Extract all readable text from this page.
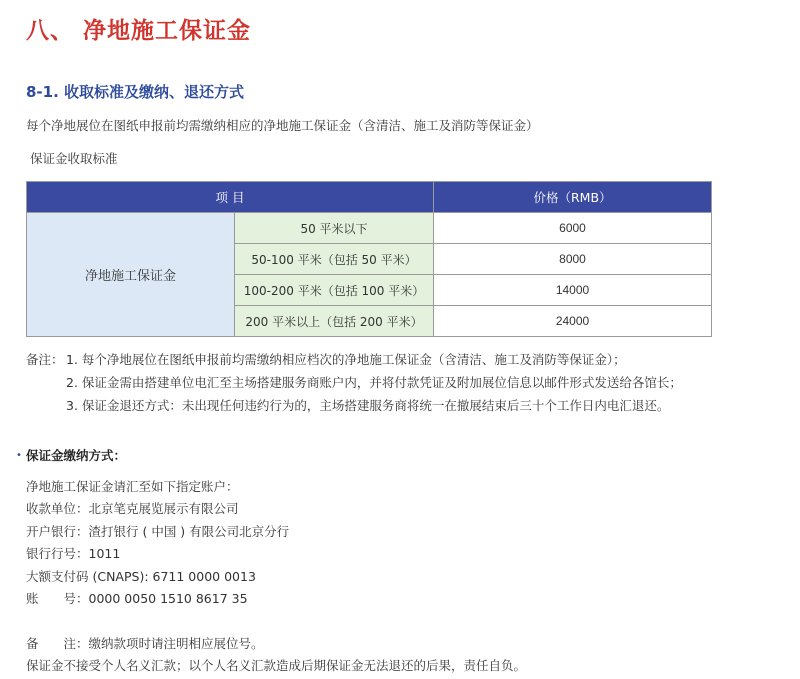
八、 净地施工保证金
8-1. 收取标准及缴纳、退还方式
每个净地展位在图纸申报前均需缴纳相应的净地施工保证金（含清洁、施工及消防等保证金）
保证金收取标准
项 目		价格（RMB）
净地施工保证金	50 平米以下	6000
	50-100 平米（包括 50 平米）	8000
	100-200 平米（包括 100 平米）	14000
	200 平米以上（包括 200 平米）	24000
备注： 1. 每个净地展位在图纸申报前均需缴纳相应档次的净地施工保证金（含清洁、施工及消防等保证金）；
2. 保证金需由搭建单位电汇至主场搭建服务商账户内，并将付款凭证及附加展位信息以邮件形式发送给各馆长；
3. 保证金退还方式：未出现任何违约行为的，主场搭建服务商将统一在撤展结束后三十个工作日内电汇退还。
• 保证金缴纳方式：
净地施工保证金请汇至如下指定账户：
收款单位：北京笔克展览展示有限公司
开户银行：渣打银行 ( 中国 ) 有限公司北京分行
银行行号：1011
大额支付码 (CNAPS): 6711 0000 0013
账　　号：0000 0050 1510 8617 35
备　　注：缴纳款项时请注明相应展位号。
保证金不接受个人名义汇款；以个人名义汇款造成后期保证金无法退还的后果，责任自负。
